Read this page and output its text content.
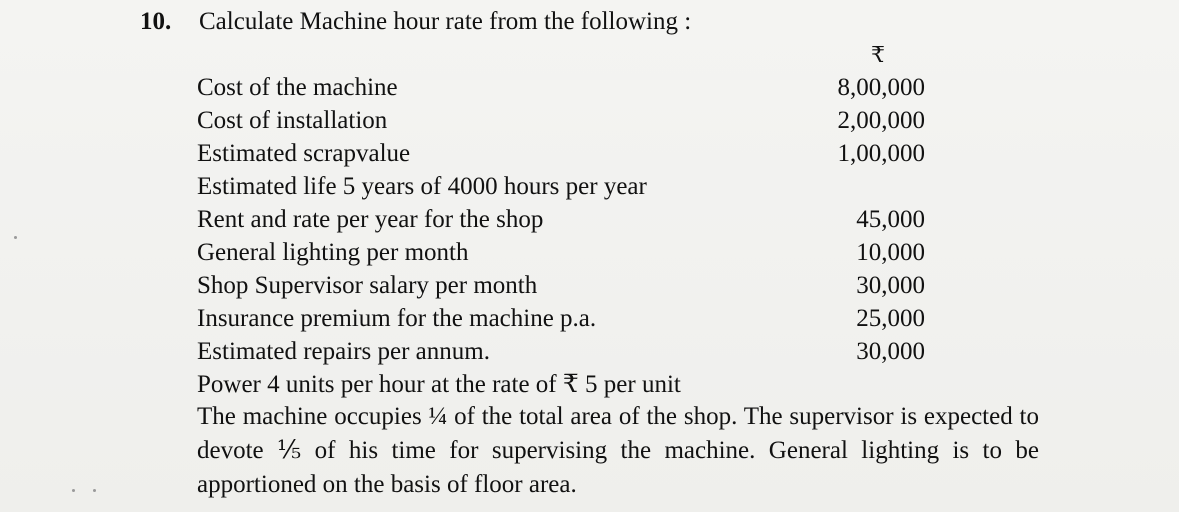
10. Calculate Machine hour rate from the following :
₹
Cost of the machine	8,00,000
Cost of installation	2,00,000
Estimated scrapvalue	1,00,000
Estimated life 5 years of 4000 hours per year
Rent and rate per year for the shop	45,000
General lighting per month	10,000
Shop Supervisor salary per month	30,000
Insurance premium for the machine p.a.	25,000
Estimated repairs per annum.	30,000
Power 4 units per hour at the rate of ₹ 5 per unit
The machine occupies ¼ of the total area of the shop. The supervisor is expected to devote ⅕ of his time for supervising the machine. General lighting is to be apportioned on the basis of floor area.
